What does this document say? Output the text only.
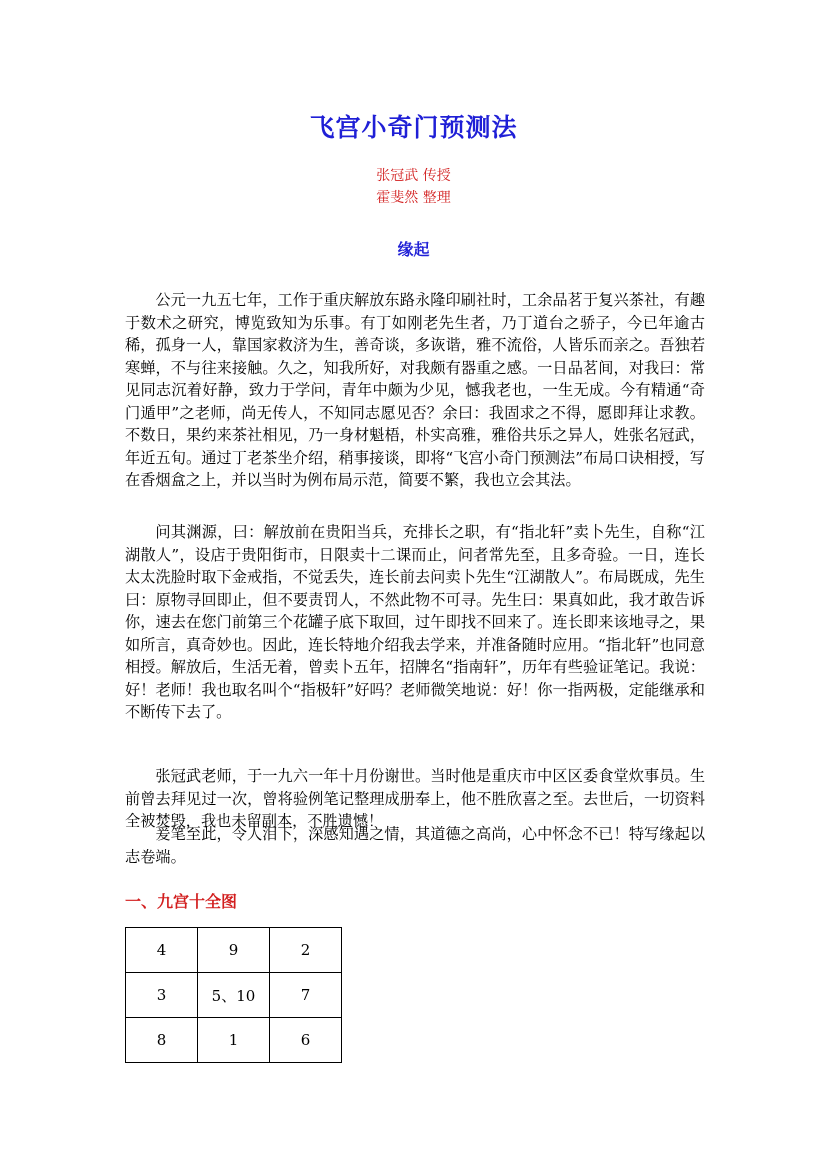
飞宫小奇门预测法
张冠武 传授
霍斐然 整理
缘起

公元一九五七年，工作于重庆解放东路永隆印刷社时，工余品茗于复兴茶社，有趣于数术之研究，博览致知为乐事。有丁如刚老先生者，乃丁道台之骄子，今已年逾古稀，孤身一人，靠国家救济为生，善奇谈，多诙谐，雅不流俗，人皆乐而亲之。吾独若寒蝉，不与往来接触。久之，知我所好，对我颇有器重之感。一日品茗间，对我曰：常见同志沉着好静，致力于学问，青年中颇为少见，憾我老也，一生无成。今有精通“奇门遁甲”之老师，尚无传人，不知同志愿见否？余曰：我固求之不得，愿即拜让求教。不数日，果约来茶社相见，乃一身材魁梧，朴实高雅，雅俗共乐之异人，姓张名冠武，年近五旬。通过丁老茶坐介绍，稍事接谈，即将“飞宫小奇门预测法”布局口诀相授，写在香烟盒之上，并以当时为例布局示范，简要不繁，我也立会其法。

问其渊源，曰：解放前在贵阳当兵，充排长之职，有“指北轩”卖卜先生，自称“江湖散人”，设店于贵阳街市，日限卖十二课而止，问者常先至，且多奇验。一日，连长太太洗脸时取下金戒指，不觉丢失，连长前去问卖卜先生“江湖散人”。布局既成，先生曰：原物寻回即止，但不要责罚人，不然此物不可寻。先生曰：果真如此，我才敢告诉你，速去在您门前第三个花罐子底下取回，过午即找不回来了。连长即来该地寻之，果如所言，真奇妙也。因此，连长特地介绍我去学来，并准备随时应用。“指北轩”也同意相授。解放后，生活无着，曾卖卜五年，招牌名“指南轩”，历年有些验证笔记。我说：好！老师！我也取名叫个“指极轩”好吗？老师微笑地说：好！你一指两极，定能继承和不断传下去了。

张冠武老师，于一九六一年十月份谢世。当时他是重庆市中区区委食堂炊事员。生前曾去拜见过一次，曾将验例笔记整理成册奉上，他不胜欣喜之至。去世后，一切资料全被焚毁，我也未留副本，不胜遗憾！

爰笔至此，令人泪下，深感知遇之情，其道德之高尚，心中怀念不已！特写缘起以志卷端。

一、九宫十全图
4	9	2
3	5、10	7
8	1	6
